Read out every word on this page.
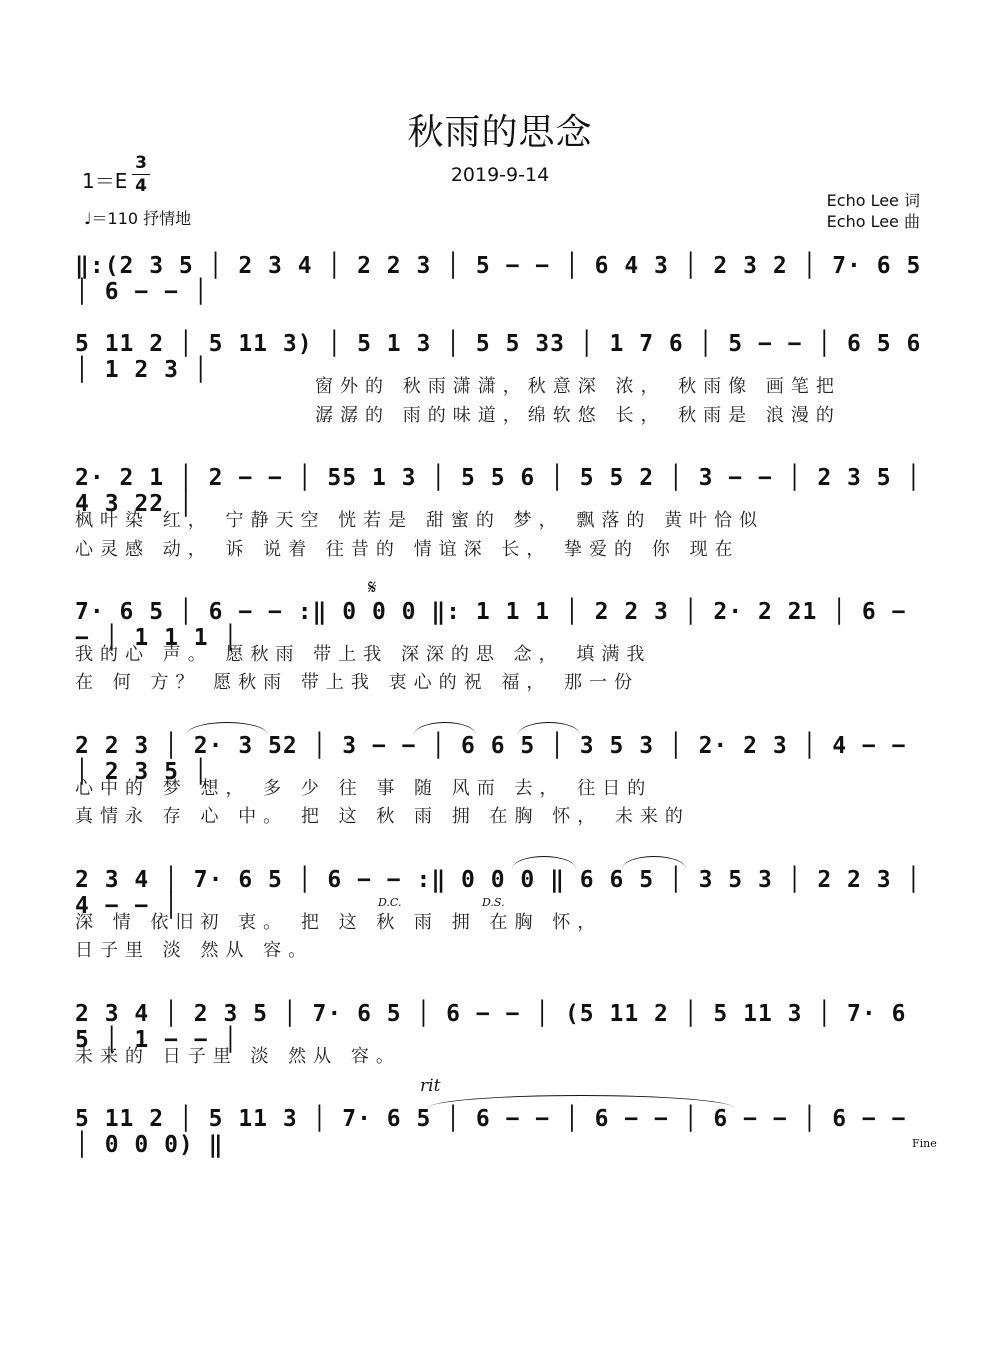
秋雨的思念
2019-9-14
1＝E
3
4
♩＝110 抒情地
Echo Lee 词
Echo Lee 曲
‖:(2 3 5 │ 2 3 4 │ 2 2 3 │ 5 − − │ 6 4 3 │ 2 3 2 │ 7· 6 5 │ 6 − − │
5 11 2 │ 5 11 3) │ 5 1 3 │ 5 5 33 │ 1 7 6 │ 5 − − │ 6 5 6 │ 1 2 3 │
窗外的 秋雨潇潇，秋意深 浓， 秋雨像 画笔把
潺潺的 雨的味道，绵软悠 长， 秋雨是 浪漫的
2· 2 1 │ 2 − − │ 55 1 3 │ 5 5 6 │ 5 5 2 │ 3 − − │ 2 3 5 │ 4 3 22 │
枫叶染 红， 宁静天空 恍若是 甜蜜的 梦， 飘落的 黄叶恰似
心灵感 动， 诉 说着 往昔的 情谊深 长， 挚爱的 你 现在
𝄋
7· 6 5 │ 6 − − :‖ 0 0 0 ‖: 1 1 1 │ 2 2 3 │ 2· 2 21 │ 6 − − │ 1 1 1 │
我的心 声。 愿秋雨 带上我 深深的思 念， 填满我
在 何 方？ 愿秋雨 带上我 衷心的祝 福， 那一份
2 2 3 │ 2· 3 52 │ 3 − − │ 6 6 5 │ 3 5 3 │ 2· 2 3 │ 4 − − │ 2 3 5 │
心中的 梦 想， 多 少 往 事 随 风而 去， 往日的
真情永 存 心 中。 把 这 秋 雨 拥 在胸 怀， 未来的
2 3 4 │ 7· 6 5 │ 6 − − :‖ 0 0 0 ‖ 6 6 5 │ 3 5 3 │ 2 2 3 │ 4 − − │	D.C.	D.S.
深 情 依旧初 衷。 把 这 秋 雨 拥 在胸 怀，
日子里 淡 然从 容。
2 3 4 │ 2 3 5 │ 7· 6 5 │ 6 − − │ (5 11 2 │ 5 11 3 │ 7· 6 5 │ 1 − − │
未来的 日子里 淡 然从 容。
rit
5 11 2 │ 5 11 3 │ 7· 6 5 │ 6 − − │ 6 − − │ 6 − − │ 6 − − │ 0 0 0) ‖	Fine
